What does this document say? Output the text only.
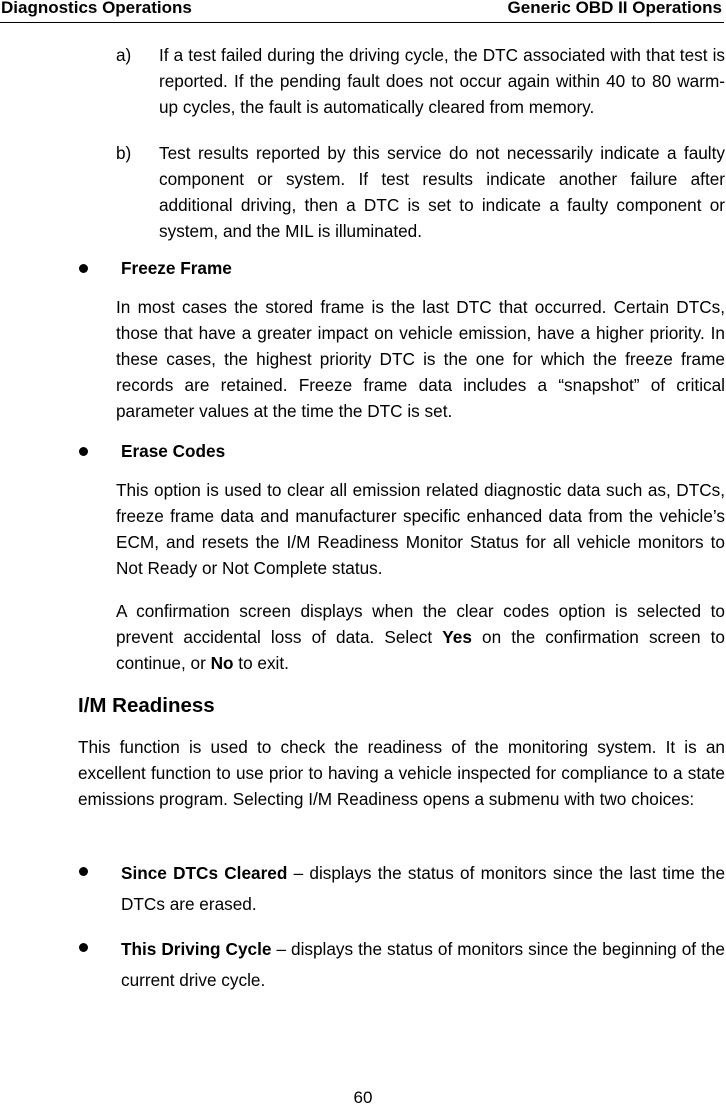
Diagnostics Operations	Generic OBD II Operations
a) If a test failed during the driving cycle, the DTC associated with that test is reported. If the pending fault does not occur again within 40 to 80 warm-up cycles, the fault is automatically cleared from memory.
b) Test results reported by this service do not necessarily indicate a faulty component or system. If test results indicate another failure after additional driving, then a DTC is set to indicate a faulty component or system, and the MIL is illuminated.
Freeze Frame
In most cases the stored frame is the last DTC that occurred. Certain DTCs, those that have a greater impact on vehicle emission, have a higher priority. In these cases, the highest priority DTC is the one for which the freeze frame records are retained. Freeze frame data includes a “snapshot” of critical parameter values at the time the DTC is set.
Erase Codes
This option is used to clear all emission related diagnostic data such as, DTCs, freeze frame data and manufacturer specific enhanced data from the vehicle’s ECM, and resets the I/M Readiness Monitor Status for all vehicle monitors to Not Ready or Not Complete status.
A confirmation screen displays when the clear codes option is selected to prevent accidental loss of data. Select Yes on the confirmation screen to continue, or No to exit.
I/M Readiness
This function is used to check the readiness of the monitoring system. It is an excellent function to use prior to having a vehicle inspected for compliance to a state emissions program. Selecting I/M Readiness opens a submenu with two choices:
Since DTCs Cleared – displays the status of monitors since the last time the DTCs are erased.
This Driving Cycle – displays the status of monitors since the beginning of the current drive cycle.
60
